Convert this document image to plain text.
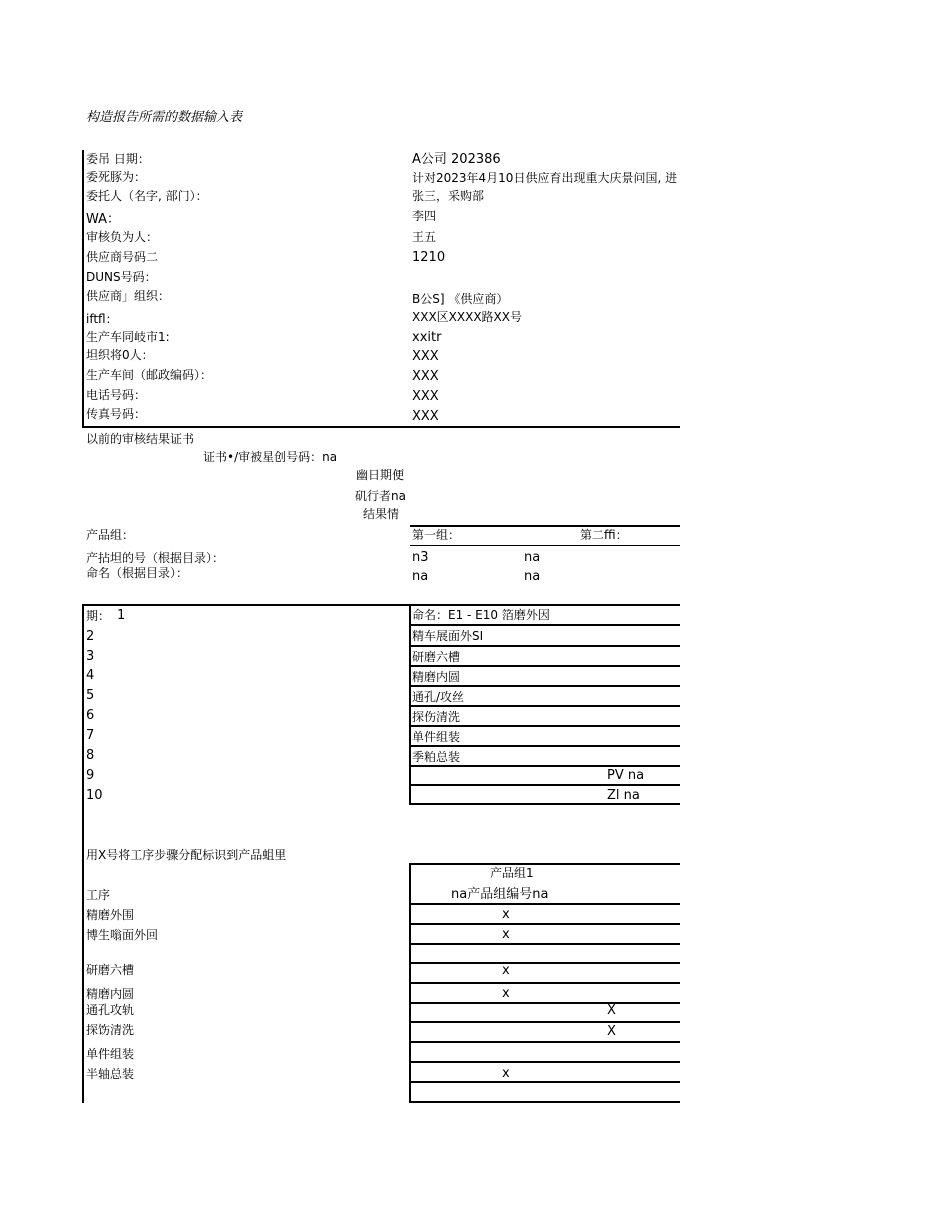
构造报告所需的数据输入表
委吊 日期：	A公司 202386
委死豚为：	计对2023年4月10日供应育出现重大庆景问国, 进
委托人（名字, 部门）：	张三，采购部
WA：	李四
审核负为人：	王五
供应商号码二	1210
DUNS号码：
供应商」组织：	B公S] 《供应商）
iftfl：	XXX区XXXX路XX号
生产车同岐市1:	xxitr
坦织将0人：	XXX
生产车间（邮政编码）：	XXX
电话号码：	XXX
传真号码：	XXX
以前的审核结果证书
证书•/审被星创号码：na
幽日期便
矶行者na
结果情
产品组：	第一组：	第二ffi：
产拈坦的号（根据目录）：	n3	na
命名（根据目录）：	na	na
期： 1	命名：E1 - E10 箔磨外因
2	精车展面外SI
3	研磨六槽
4	精磨内圆
5	通孔/攻丝
6	探伤清洗
7	单件组装
8	季粕总装
9	PV na
10	Zl na
用X号将工序步骤分配标识到产品蛆里
产品组1
工序	na产品组编号na
精磨外围	x
博生嗡面外回	x
研磨六槽	x
精磨内圆	x
通孔攻轨	X
探饬清洗	X
单件组装
半轴总装	x
